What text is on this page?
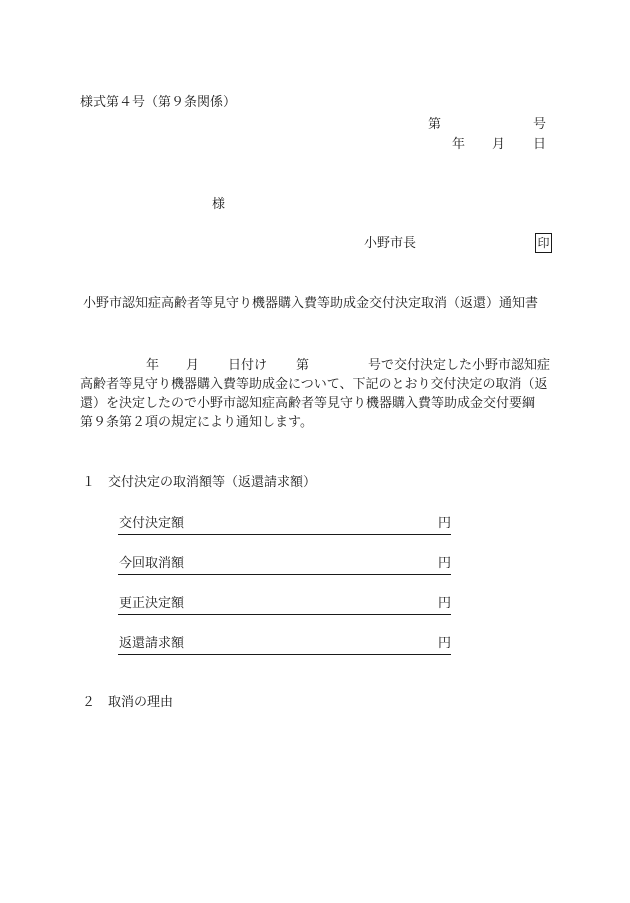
様式第４号（第９条関係）
第	号
年 月 日
様
小野市長	印
小野市認知症高齢者等見守り機器購入費等助成金交付決定取消（返還）通知書
年 月 日付け 第	号で交付決定した小野市認知症
高齢者等見守り機器購入費等助成金について、下記のとおり交付決定の取消（返
還）を決定したので小野市認知症高齢者等見守り機器購入費等助成金交付要綱
第９条第２項の規定により通知します。
１ 交付決定の取消額等（返還請求額）
交付決定額	円
今回取消額	円
更正決定額	円
返還請求額	円
２ 取消の理由
